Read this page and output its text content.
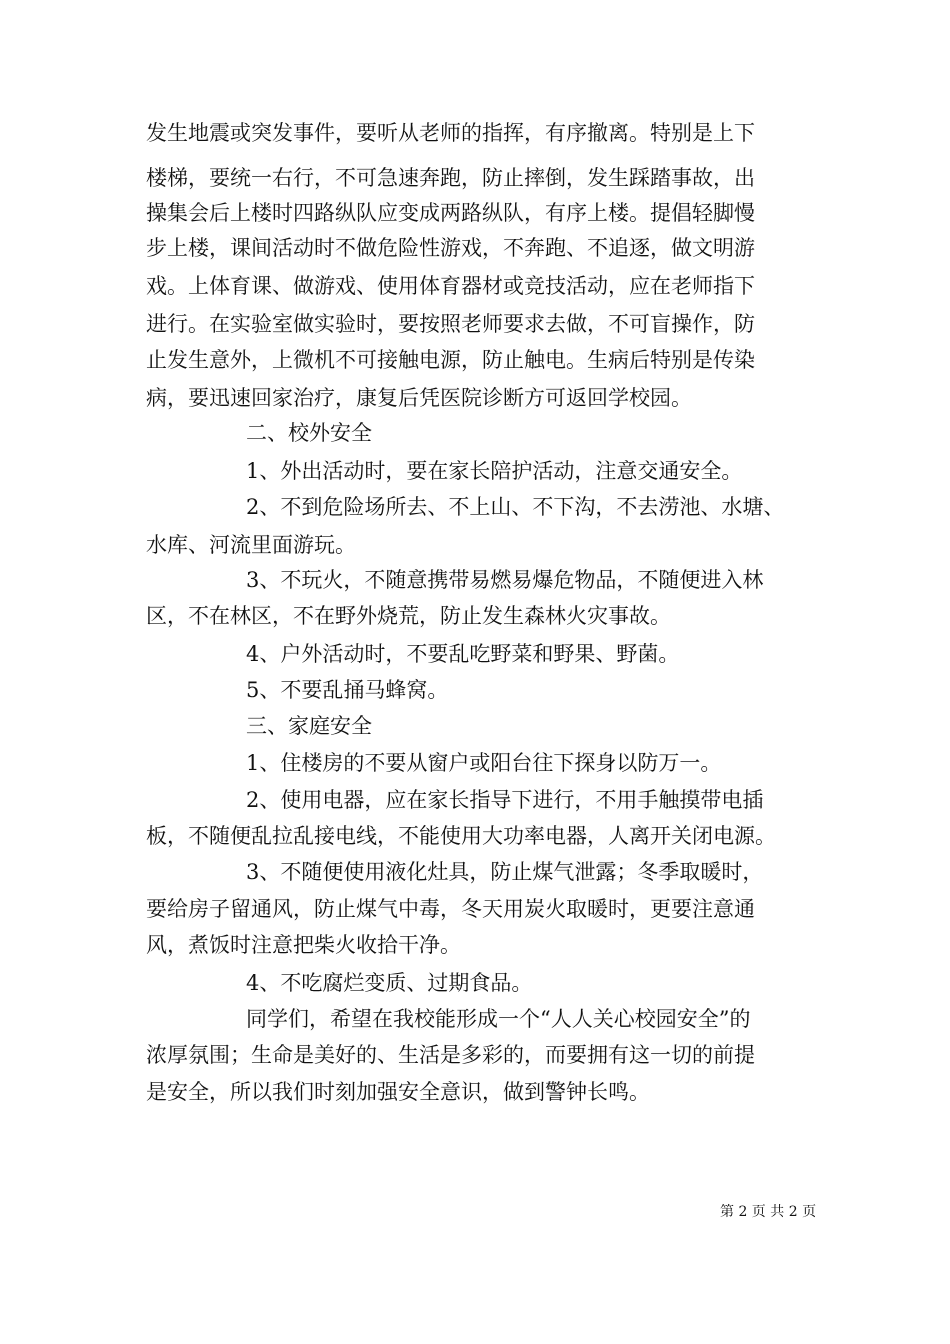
发生地震或突发事件，要听从老师的指挥，有序撤离。特别是上下
楼梯，要统一右行，不可急速奔跑，防止摔倒，发生踩踏事故，出
操集会后上楼时四路纵队应变成两路纵队，有序上楼。提倡轻脚慢
步上楼，课间活动时不做危险性游戏，不奔跑、不追逐，做文明游
戏。上体育课、做游戏、使用体育器材或竞技活动，应在老师指下
进行。在实验室做实验时，要按照老师要求去做，不可盲操作，防
止发生意外，上微机不可接触电源，防止触电。生病后特别是传染
病，要迅速回家治疗，康复后凭医院诊断方可返回学校园。
二、校外安全
1、外出活动时，要在家长陪护活动，注意交通安全。
2、不到危险场所去、不上山、不下沟，不去涝池、水塘、
水库、河流里面游玩。
3、不玩火，不随意携带易燃易爆危物品，不随便进入林
区，不在林区，不在野外烧荒，防止发生森林火灾事故。
4、户外活动时，不要乱吃野菜和野果、野菌。
5、不要乱捅马蜂窝。
三、家庭安全
1、住楼房的不要从窗户或阳台往下探身以防万一。
2、使用电器，应在家长指导下进行，不用手触摸带电插
板，不随便乱拉乱接电线，不能使用大功率电器，人离开关闭电源。
3、不随便使用液化灶具，防止煤气泄露；冬季取暖时，
要给房子留通风，防止煤气中毒，冬天用炭火取暖时，更要注意通
风，煮饭时注意把柴火收拾干净。
4、不吃腐烂变质、过期食品。
同学们，希望在我校能形成一个“人人关心校园安全”的
浓厚氛围；生命是美好的、生活是多彩的，而要拥有这一切的前提
是安全，所以我们时刻加强安全意识，做到警钟长鸣。
第 2 页 共 2 页
